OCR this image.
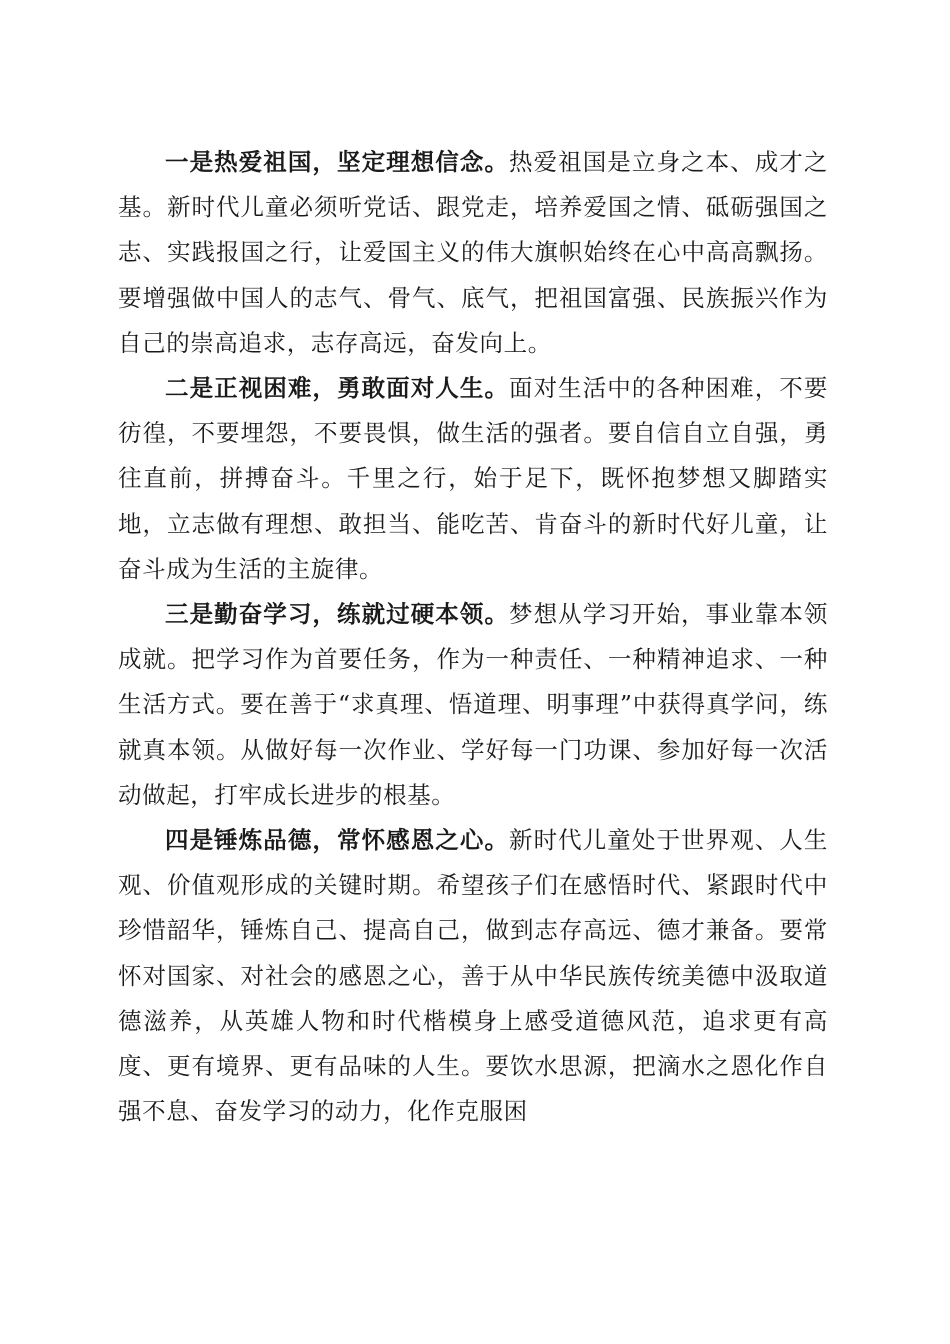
一是热爱祖国，坚定理想信念。热爱祖国是立身之本、成才之基。新时代儿童必须听党话、跟党走，培养爱国之情、砥砺强国之志、实践报国之行，让爱国主义的伟大旗帜始终在心中高高飘扬。要增强做中国人的志气、骨气、底气，把祖国富强、民族振兴作为自己的崇高追求，志存高远，奋发向上。

二是正视困难，勇敢面对人生。面对生活中的各种困难，不要彷徨，不要埋怨，不要畏惧，做生活的强者。要自信自立自强，勇往直前，拼搏奋斗。千里之行，始于足下，既怀抱梦想又脚踏实地，立志做有理想、敢担当、能吃苦、肯奋斗的新时代好儿童，让奋斗成为生活的主旋律。

三是勤奋学习，练就过硬本领。梦想从学习开始，事业靠本领成就。把学习作为首要任务，作为一种责任、一种精神追求、一种生活方式。要在善于“求真理、悟道理、明事理”中获得真学问，练就真本领。从做好每一次作业、学好每一门功课、参加好每一次活动做起，打牢成长进步的根基。

四是锤炼品德，常怀感恩之心。新时代儿童处于世界观、人生观、价值观形成的关键时期。希望孩子们在感悟时代、紧跟时代中珍惜韶华，锤炼自己、提高自己，做到志存高远、德才兼备。要常怀对国家、对社会的感恩之心，善于从中华民族传统美德中汲取道德滋养，从英雄人物和时代楷模身上感受道德风范，追求更有高度、更有境界、更有品味的人生。要饮水思源，把滴水之恩化作自强不息、奋发学习的动力，化作克服困
